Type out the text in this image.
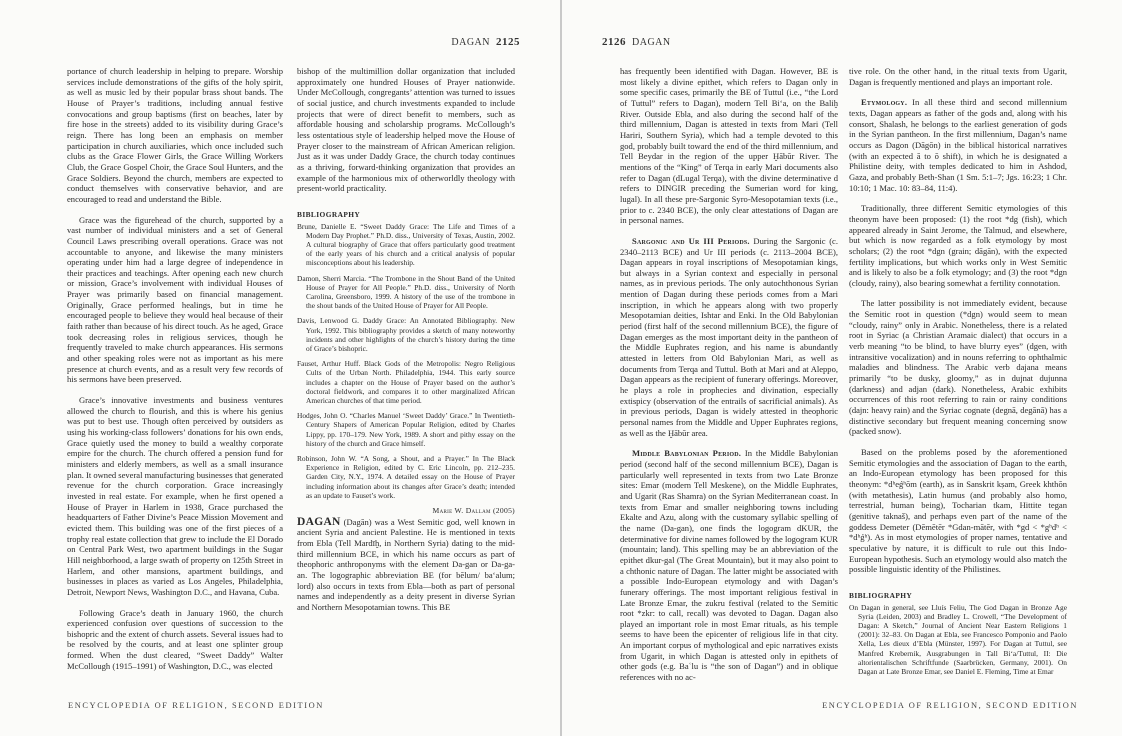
DAGAN 2125

portance of church leadership in helping to prepare. Worship services include demonstrations of the gifts of the holy spirit, as well as music led by their popular brass shout bands. The House of Prayer’s traditions, including annual festive convocations and group baptisms (first on beaches, later by fire hose in the streets) added to its visibility during Grace’s reign. There has long been an emphasis on member participation in church auxiliaries, which once included such clubs as the Grace Flower Girls, the Grace Willing Workers Club, the Grace Gospel Choir, the Grace Soul Hunters, and the Grace Soldiers. Beyond the church, members are expected to conduct themselves with conservative behavior, and are encouraged to read and understand the Bible.

Grace was the figurehead of the church, supported by a vast number of individual ministers and a set of General Council Laws prescribing overall operations. Grace was not accountable to anyone, and likewise the many ministers operating under him had a large degree of independence in their practices and teachings. After opening each new church or mission, Grace’s involvement with individual Houses of Prayer was primarily based on financial management. Originally, Grace performed healings, but in time he encouraged people to believe they would heal because of their faith rather than because of his direct touch. As he aged, Grace took decreasing roles in religious services, though he frequently traveled to make church appearances. His sermons and other speaking roles were not as important as his mere presence at church events, and as a result very few records of his sermons have been preserved.

Grace’s innovative investments and business ventures allowed the church to flourish, and this is where his genius was put to best use. Though often perceived by outsiders as using his working-class followers’ donations for his own ends, Grace quietly used the money to build a wealthy corporate empire for the church. The church offered a pension fund for ministers and elderly members, as well as a small insurance plan. It owned several manufacturing businesses that generated revenue for the church corporation. Grace increasingly invested in real estate. For example, when he first opened a House of Prayer in Harlem in 1938, Grace purchased the headquarters of Father Divine’s Peace Mission Movement and evicted them. This building was one of the first pieces of a trophy real estate collection that grew to include the El Dorado on Central Park West, two apartment buildings in the Sugar Hill neighborhood, a large swath of property on 125th Street in Harlem, and other mansions, apartment buildings, and businesses in places as varied as Los Angeles, Philadelphia, Detroit, Newport News, Washington D.C., and Havana, Cuba.

Following Grace’s death in January 1960, the church experienced confusion over questions of succession to the bishopric and the extent of church assets. Several issues had to be resolved by the courts, and at least one splinter group formed. When the dust cleared, “Sweet Daddy” Walter McCollough (1915–1991) of Washington, D.C., was elected

bishop of the multimillion dollar organization that included approximately one hundred Houses of Prayer nationwide. Under McCollough, congregants’ attention was turned to issues of social justice, and church investments expanded to include projects that were of direct benefit to members, such as affordable housing and scholarship programs. McCollough’s less ostentatious style of leadership helped move the House of Prayer closer to the mainstream of African American religion. Just as it was under Daddy Grace, the church today continues as a thriving, forward-thinking organization that provides an example of the harmonious mix of otherworldly theology with present-world practicality.

BIBLIOGRAPHY
Brune, Danielle E. “Sweet Daddy Grace: The Life and Times of a Modern Day Prophet.” Ph.D. diss., University of Texas, Austin, 2002. A cultural biography of Grace that offers particularly good treatment of the early years of his church and a critical analysis of popular misconceptions about his leadership.
Damon, Sherri Marcia. “The Trombone in the Shout Band of the United House of Prayer for All People.” Ph.D. diss., University of North Carolina, Greensboro, 1999. A history of the use of the trombone in the shout bands of the United House of Prayer for All People.
Davis, Lenwood G. Daddy Grace: An Annotated Bibliography. New York, 1992. This bibliography provides a sketch of many noteworthy incidents and other highlights of the church’s history during the time of Grace’s bishopric.
Fauset, Arthur Huff. Black Gods of the Metropolis: Negro Religious Cults of the Urban North. Philadelphia, 1944. This early source includes a chapter on the House of Prayer based on the author’s doctoral fieldwork, and compares it to other marginalized African American churches of that time period.
Hodges, John O. “Charles Manuel ‘Sweet Daddy’ Grace.” In Twentieth-Century Shapers of American Popular Religion, edited by Charles Lippy, pp. 170–179. New York, 1989. A short and pithy essay on the history of the church and Grace himself.
Robinson, John W. “A Song, a Shout, and a Prayer.” In The Black Experience in Religion, edited by C. Eric Lincoln, pp. 212–235. Garden City, N.Y., 1974. A detailed essay on the House of Prayer including information about its changes after Grace’s death; intended as an update to Fauset’s work.
Marie W. Dallam (2005)

DAGAN (Dagān) was a West Semitic god, well known in ancient Syria and ancient Palestine. He is mentioned in texts from Ebla (Tell Mardīḫ, in Northern Syria) dating to the mid-third millennium BCE, in which his name occurs as part of theophoric anthroponyms with the element Da-gan or Da-ga-an. The logographic abbreviation BE (for bēlum/ ba‘alum; lord) also occurs in texts from Ebla—both as part of personal names and independently as a deity present in diverse Syrian and Northern Mesopotamian towns. This BE

ENCYCLOPEDIA OF RELIGION, SECOND EDITION
2126 DAGAN

has frequently been identified with Dagan. However, BE is most likely a divine epithet, which refers to Dagan only in some specific cases, primarily the BE of Tuttul (i.e., “the Lord of Tuttul” refers to Dagan), modern Tell Bi‘a, on the Baliḫ River. Outside Ebla, and also during the second half of the third millennium, Dagan is attested in texts from Mari (Tell Hariri, Southern Syria), which had a temple devoted to this god, probably built toward the end of the third millennium, and Tell Beydar in the region of the upper Ḫābūr River. The mentions of the “King” of Terqa in early Mari documents also refer to Dagan (dLugal Terqa), with the divine determinative d refers to DINGIR preceding the Sumerian word for king, lugal). In all these pre-Sargonic Syro-Mesopotamian texts (i.e., prior to c. 2340 BCE), the only clear attestations of Dagan are in personal names.

Sargonic and Ur III Periods. During the Sargonic (c. 2340–2113 BCE) and Ur III periods (c. 2113–2004 BCE), Dagan appears in royal inscriptions of Mesopotamian kings, but always in a Syrian context and especially in personal names, as in previous periods. The only autochthonous Syrian mention of Dagan during these periods comes from a Mari inscription, in which he appears along with two properly Mesopotamian deities, Ishtar and Enki. In the Old Babylonian period (first half of the second millennium BCE), the figure of Dagan emerges as the most important deity in the pantheon of the Middle Euphrates region, and his name is abundantly attested in letters from Old Babylonian Mari, as well as documents from Terqa and Tuttul. Both at Mari and at Aleppo, Dagan appears as the recipient of funerary offerings. Moreover, he plays a role in prophecies and divination, especially extispicy (observation of the entrails of sacrificial animals). As in previous periods, Dagan is widely attested in theophoric personal names from the Middle and Upper Euphrates regions, as well as the Ḫābūr area.

Middle Babylonian Period. In the Middle Babylonian period (second half of the second millennium BCE), Dagan is particularly well represented in texts from two Late Bronze sites: Emar (modern Tell Meskene), on the Middle Euphrates, and Ugarit (Ras Shamra) on the Syrian Mediterranean coast. In texts from Emar and smaller neighboring towns including Ekalte and Azu, along with the customary syllabic spelling of the name (Da-gan), one finds the logogram dKUR, the determinative for divine names followed by the logogram KUR (mountain; land). This spelling may be an abbreviation of the epithet dkur-gal (The Great Mountain), but it may also point to a chthonic nature of Dagan. The latter might be associated with a possible Indo-European etymology and with Dagan’s funerary offerings. The most important religious festival in Late Bronze Emar, the zukru festival (related to the Semitic root *zkr: to call, recall) was devoted to Dagan. Dagan also played an important role in most Emar rituals, as his temple seems to have been the epicenter of religious life in that city. An important corpus of mythological and epic narratives exists from Ugarit, in which Dagan is attested only in epithets of other gods (e.g. Baʿlu is “the son of Dagan”) and in oblique references with no ac-

tive role. On the other hand, in the ritual texts from Ugarit, Dagan is frequently mentioned and plays an important role.

Etymology. In all these third and second millennium texts, Dagan appears as father of the gods and, along with his consort, Shalash, he belongs to the earliest generation of gods in the Syrian pantheon. In the first millennium, Dagan’s name occurs as Dagon (Dāgōn) in the biblical historical narratives (with an expected ā to ō shift), in which he is designated a Philistine deity, with temples dedicated to him in Ashdod, Gaza, and probably Beth-Shan (1 Sm. 5:1–7; Jgs. 16:23; 1 Chr. 10:10; 1 Mac. 10: 83–84, 11:4).

Traditionally, three different Semitic etymologies of this theonym have been proposed: (1) the root *dg (fish), which appeared already in Saint Jerome, the Talmud, and elsewhere, but which is now regarded as a folk etymology by most scholars; (2) the root *dgn (grain; dāgān), with the expected fertility implications, but which works only in West Semitic and is likely to also be a folk etymology; and (3) the root *dgn (cloudy, rainy), also bearing somewhat a fertility connotation.

The latter possibility is not immediately evident, because the Semitic root in question (*dgn) would seem to mean “cloudy, rainy” only in Arabic. Nonetheless, there is a related root in Syriac (a Christian Aramaic dialect) that occurs in a verb meaning “to be blind, to have blurry eyes” (dgen, with intransitive vocalization) and in nouns referring to ophthalmic maladies and blindness. The Arabic verb dajana means primarily “to be dusky, gloomy,” as in dujnat dujunna (darkness) and adjan (dark). Nonetheless, Arabic exhibits occurrences of this root referring to rain or rainy conditions (dajn: heavy rain) and the Syriac cognate (degnā, degānā) has a distinctive secondary but frequent meaning concerning snow (packed snow).

Based on the problems posed by the aforementioned Semitic etymologies and the association of Dagan to the earth, an Indo-European etymology has been proposed for this theonym: *dʰeǵʰōm (earth), as in Sanskrit kṣam, Greek khthōn (with metathesis), Latin humus (and probably also homo, terrestrial, human being), Tocharian tkam, Hittite tegan (genitive taknaš), and perhaps even part of the name of the goddess Demeter (Dēmētēr *Gdan-mātēr, with *gd < *gʰdʰ < *dʰǵʰ). As in most etymologies of proper names, tentative and speculative by nature, it is difficult to rule out this Indo-European hypothesis. Such an etymology would also match the possible linguistic identity of the Philistines.

BIBLIOGRAPHY
On Dagan in general, see Lluís Feliu, The God Dagan in Bronze Age Syria (Leiden, 2003) and Bradley L. Crowell, “The Development of Dagan: A Sketch,” Journal of Ancient Near Eastern Religions 1 (2001): 32–83. On Dagan at Ebla, see Francesco Pomponio and Paolo Xella, Les dieux d’Ebla (Münster, 1997). For Dagan at Tuttul, see Manfred Krebernik, Ausgrabungen in Tall Bi‘a/Tuttul, II: Die altorientalischen Schriftfunde (Saarbrücken, Germany, 2001). On Dagan at Late Bronze Emar, see Daniel E. Fleming, Time at Emar
ENCYCLOPEDIA OF RELIGION, SECOND EDITION
